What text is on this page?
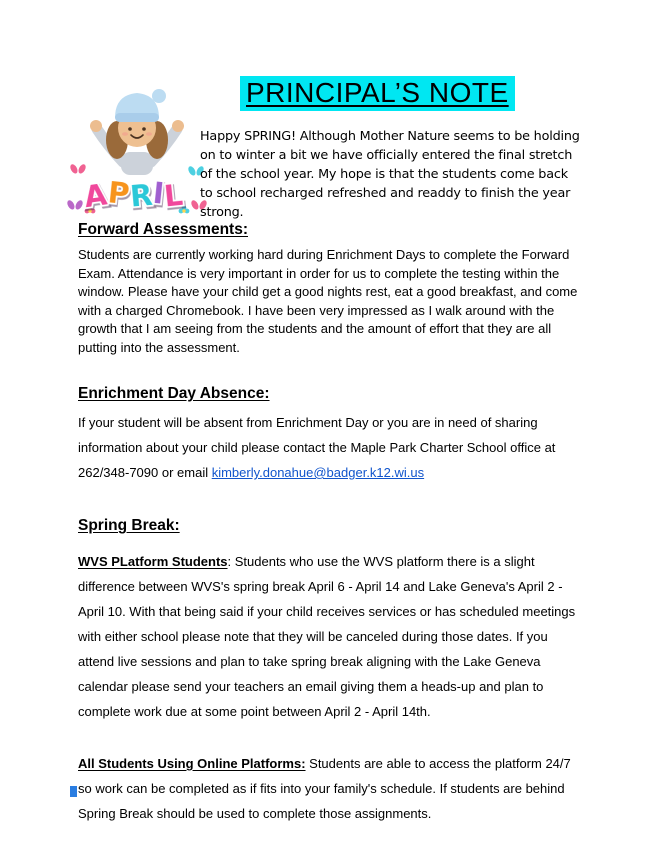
A
P
R
I
L
PRINCIPAL’S NOTE
Happy SPRING! Although Mother Nature seems to be holding on to winter a bit we have officially entered the final stretch of the school year. My hope is that the students come back to school recharged refreshed and readdy to finish the year strong.
Forward Assessments:

Students are currently working hard during Enrichment Days to complete the Forward Exam. Attendance is very important in order for us to complete the testing within the window. Please have your child get a good nights rest, eat a good breakfast, and come with a charged Chromebook. I have been very impressed as I walk around with the growth that I am seeing from the students and the amount of effort that they are all putting into the assessment.

Enrichment Day Absence:

If your student will be absent from Enrichment Day or you are in need of sharing information about your child please contact the Maple Park Charter School office at 262/348-7090 or email kimberly.donahue@badger.k12.wi.us

Spring Break:

WVS PLatform Students: Students who use the WVS platform there is a slight difference between WVS's spring break April 6 - April 14 and Lake Geneva's April 2 - April 10. With that being said if your child receives services or has scheduled meetings with either school please note that they will be canceled during those dates. If you attend live sessions and plan to take spring break aligning with the Lake Geneva calendar please send your teachers an email giving them a heads-up and plan to complete work due at some point between April 2 - April 14th.

All Students Using Online Platforms: Students are able to access the platform 24/7 so work can be completed as if fits into your family's schedule. If students are behind Spring Break should be used to complete those assignments.
